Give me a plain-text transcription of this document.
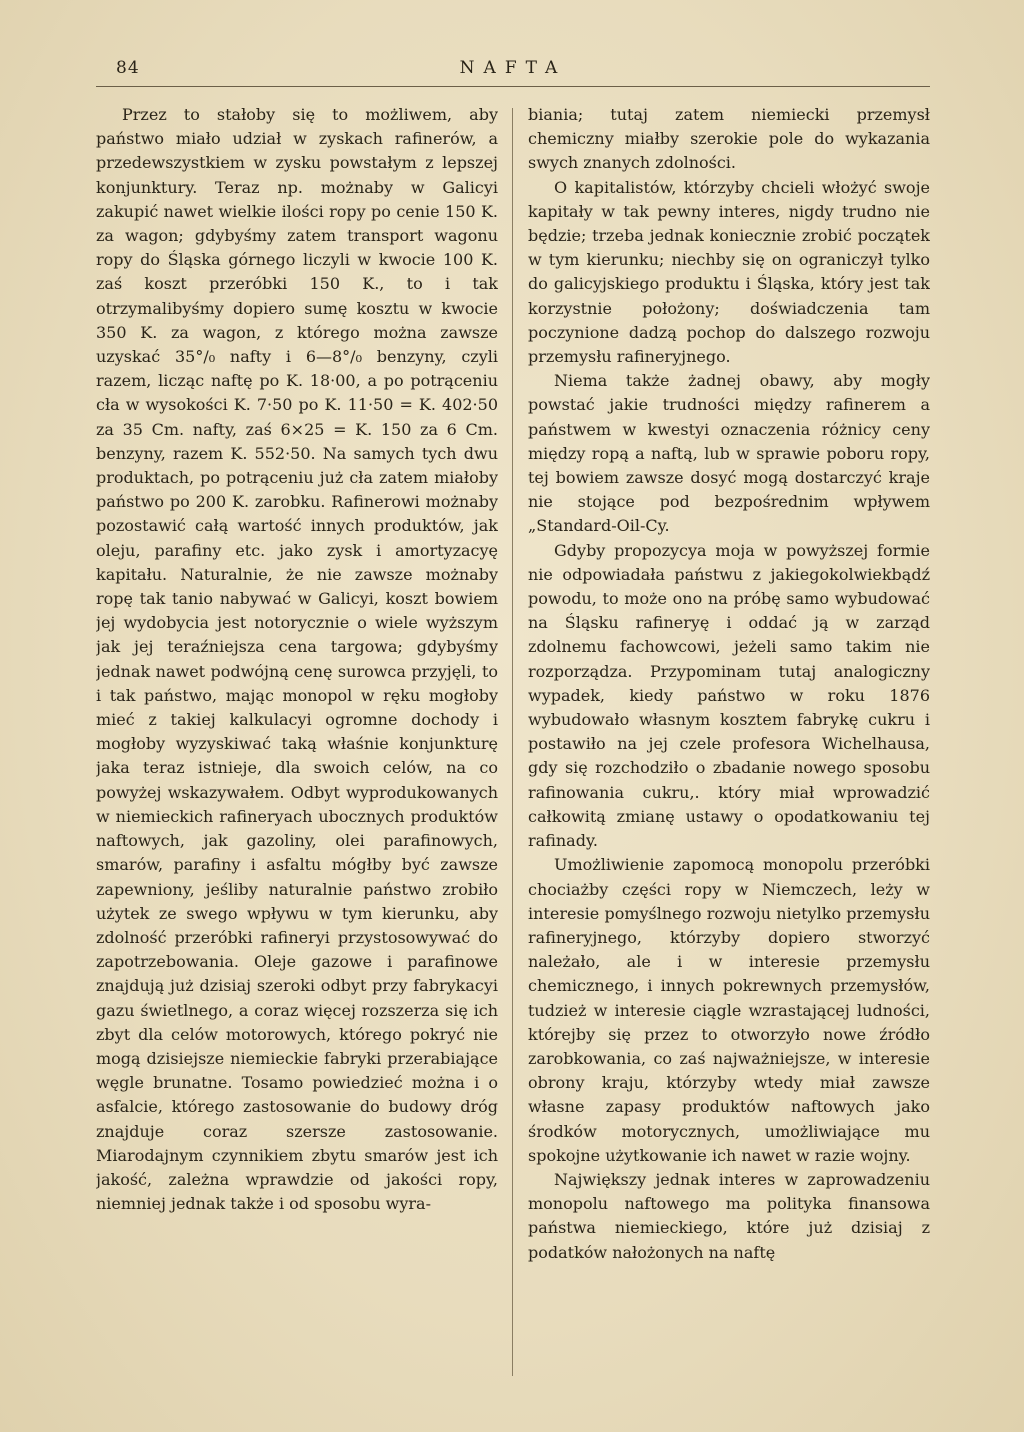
84	NAFTA

Przez to stałoby się to możliwem, aby państwo miało udział w zyskach rafinerów, a przedewszystkiem w zysku powstałym z lepszej konjunktury. Teraz np. możnaby w Galicyi zakupić nawet wielkie ilości ropy po cenie 150 K. za wagon; gdybyśmy zatem transport wagonu ropy do Śląska górnego liczyli w kwocie 100 K. zaś koszt przeróbki 150 K., to i tak otrzymalibyśmy dopiero sumę kosztu w kwocie 350 K. za wagon, z którego można zawsze uzyskać 35°/₀ nafty i 6—8°/₀ benzyny, czyli razem, licząc naftę po K. 18·00, a po potrąceniu cła w wysokości K. 7·50 po K. 11·50 = K. 402·50 za 35 Cm. nafty, zaś 6×25 = K. 150 za 6 Cm. benzyny, razem K. 552·50. Na samych tych dwu produktach, po potrąceniu już cła zatem miałoby państwo po 200 K. zarobku. Rafinerowi możnaby pozostawić całą wartość innych produktów, jak oleju, parafiny etc. jako zysk i amortyzacyę kapitału. Naturalnie, że nie zawsze możnaby ropę tak tanio nabywać w Galicyi, koszt bowiem jej wydobycia jest notorycznie o wiele wyższym jak jej teraźniejsza cena targowa; gdybyśmy jednak nawet podwójną cenę surowca przyjęli, to i tak państwo, mając monopol w ręku mogłoby mieć z takiej kalkulacyi ogromne dochody i mogłoby wyzyskiwać taką właśnie konjunkturę jaka teraz istnieje, dla swoich celów, na co powyżej wskazywałem. Odbyt wyprodukowanych w niemieckich rafineryach ubocznych produktów naftowych, jak gazoliny, olei parafinowych, smarów, parafiny i asfaltu mógłby być zawsze zapewniony, jeśliby naturalnie państwo zrobiło użytek ze swego wpływu w tym kierunku, aby zdolność przeróbki rafineryi przystosowywać do zapotrzebowania. Oleje gazowe i parafinowe znajdują już dzisiaj szeroki odbyt przy fabrykacyi gazu świetlnego, a coraz więcej rozszerza się ich zbyt dla celów motorowych, którego pokryć nie mogą dzisiejsze niemieckie fabryki przerabiające węgle brunatne. Tosamo powiedzieć można i o asfalcie, którego zastosowanie do budowy dróg znajduje coraz szersze zastosowanie. Miarodajnym czynnikiem zbytu smarów jest ich jakość, zależna wprawdzie od jakości ropy, niemniej jednak także i od sposobu wyra-

biania; tutaj zatem niemiecki przemysł chemiczny miałby szerokie pole do wykazania swych znanych zdolności.

O kapitalistów, którzyby chcieli włożyć swoje kapitały w tak pewny interes, nigdy trudno nie będzie; trzeba jednak koniecznie zrobić początek w tym kierunku; niechby się on ograniczył tylko do galicyjskiego produktu i Śląska, który jest tak korzystnie położony; doświadczenia tam poczynione dadzą pochop do dalszego rozwoju przemysłu rafineryjnego.

Niema także żadnej obawy, aby mogły powstać jakie trudności między rafinerem a państwem w kwestyi oznaczenia różnicy ceny między ropą a naftą, lub w sprawie poboru ropy, tej bowiem zawsze dosyć mogą dostarczyć kraje nie stojące pod bezpośrednim wpływem „Standard-Oil-Cy.

Gdyby propozycya moja w powyższej formie nie odpowiadała państwu z jakiegokolwiekbądź powodu, to może ono na próbę samo wybudować na Śląsku rafineryę i oddać ją w zarząd zdolnemu fachowcowi, jeżeli samo takim nie rozporządza. Przypominam tutaj analogiczny wypadek, kiedy państwo w roku 1876 wybudowało własnym kosztem fabrykę cukru i postawiło na jej czele profesora Wichelhausa, gdy się rozchodziło o zbadanie nowego sposobu rafinowania cukru,. który miał wprowadzić całkowitą zmianę ustawy o opodatkowaniu tej rafinady.

Umożliwienie zapomocą monopolu przeróbki chociażby części ropy w Niemczech, leży w interesie pomyślnego rozwoju nietylko przemysłu rafineryjnego, którzyby dopiero stworzyć należało, ale i w interesie przemysłu chemicznego, i innych pokrewnych przemysłów, tudzież w interesie ciągle wzrastającej ludności, którejby się przez to otworzyło nowe źródło zarobkowania, co zaś najważniejsze, w interesie obrony kraju, którzyby wtedy miał zawsze własne zapasy produktów naftowych jako środków motorycznych, umożliwiające mu spokojne użytkowanie ich nawet w razie wojny.

Największy jednak interes w zaprowadzeniu monopolu naftowego ma polityka finansowa państwa niemieckiego, które już dzisiaj z podatków nałożonych na naftę
